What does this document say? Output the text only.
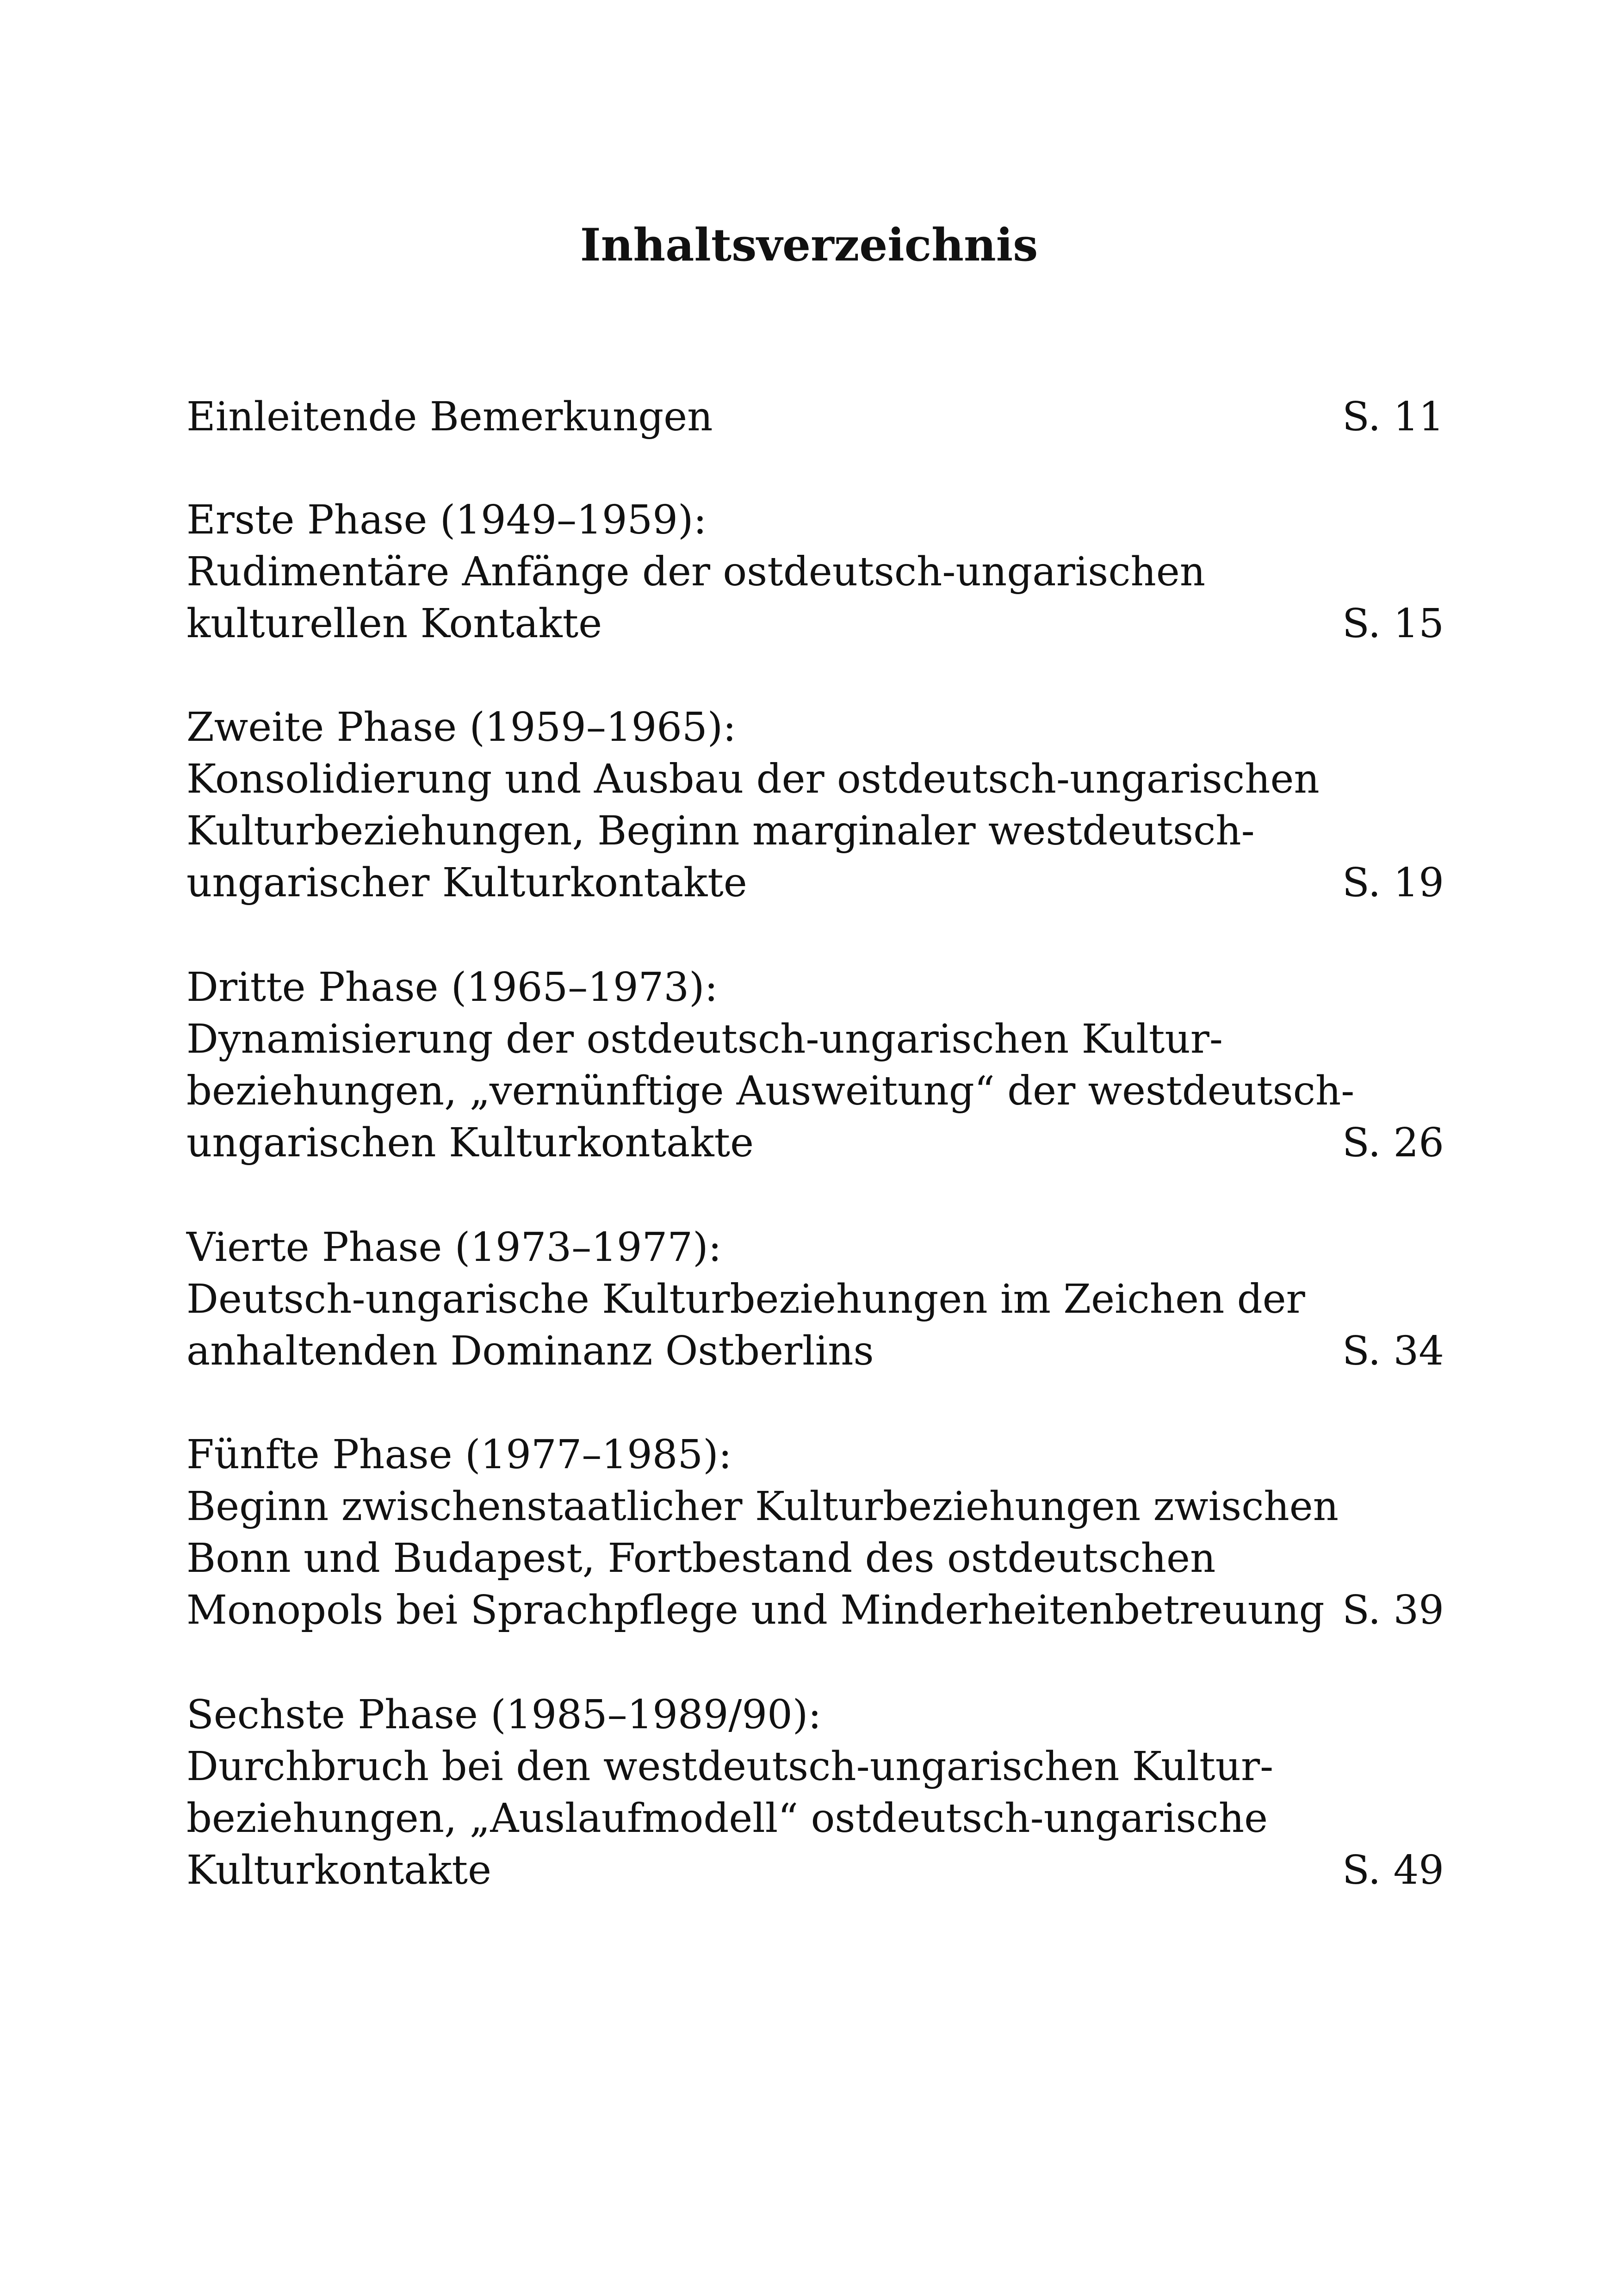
Inhaltsverzeichnis
Einleitende Bemerkungen	S. 11
Erste Phase (1949–1959):
Rudimentäre Anfänge der ostdeutsch-ungarischen
kulturellen Kontakte	S. 15
Zweite Phase (1959–1965):
Konsolidierung und Ausbau der ostdeutsch-ungarischen
Kulturbeziehungen, Beginn marginaler westdeutsch-
ungarischer Kulturkontakte	S. 19
Dritte Phase (1965–1973):
Dynamisierung der ostdeutsch-ungarischen Kultur-
beziehungen, „vernünftige Ausweitung“ der westdeutsch-
ungarischen Kulturkontakte	S. 26
Vierte Phase (1973–1977):
Deutsch-ungarische Kulturbeziehungen im Zeichen der
anhaltenden Dominanz Ostberlins	S. 34
Fünfte Phase (1977–1985):
Beginn zwischenstaatlicher Kulturbeziehungen zwischen
Bonn und Budapest, Fortbestand des ostdeutschen
Monopols bei Sprachpflege und Minderheitenbetreuung S. 39
Sechste Phase (1985–1989/90):
Durchbruch bei den westdeutsch-ungarischen Kultur-
beziehungen, „Auslaufmodell“ ostdeutsch-ungarische
Kulturkontakte	S. 49
